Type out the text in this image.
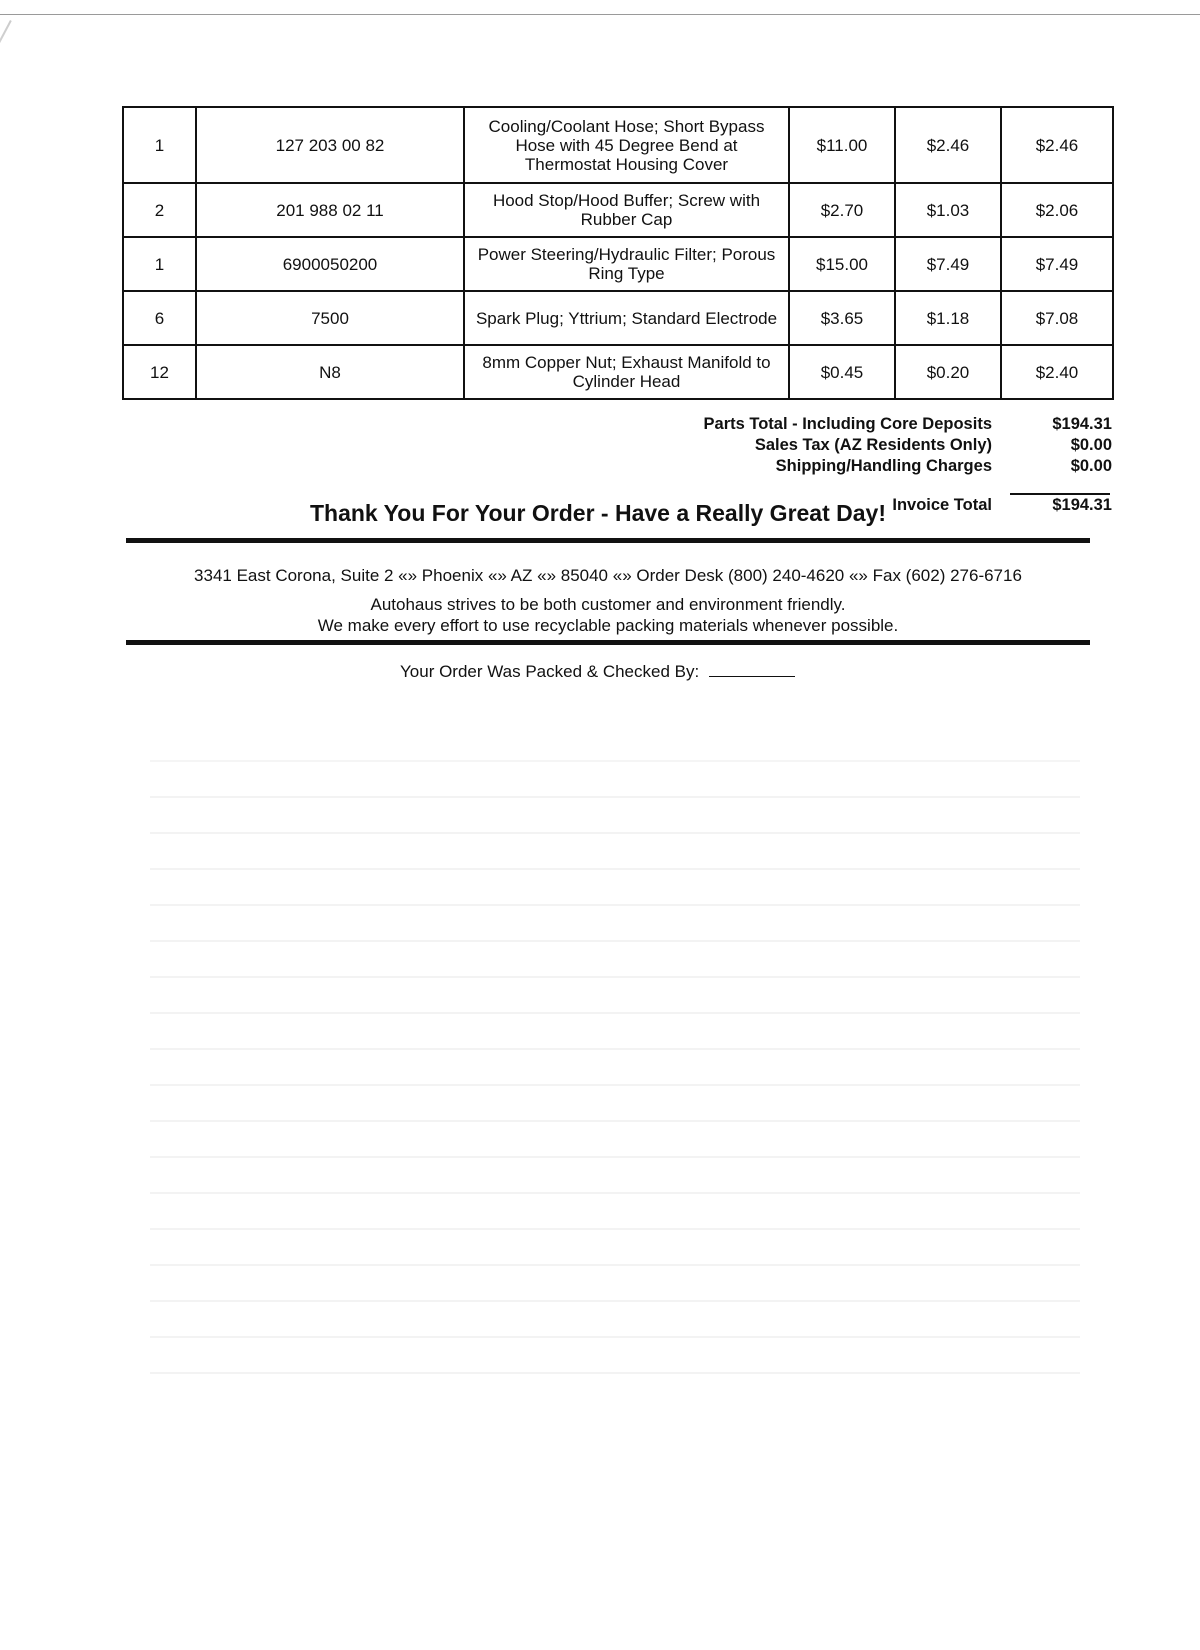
1	127 203 00 82	Cooling/Coolant Hose; Short Bypass Hose with 45 Degree Bend at Thermostat Housing Cover	$11.00	$2.46	$2.46
2	201 988 02 11	Hood Stop/Hood Buffer; Screw with Rubber Cap	$2.70	$1.03	$2.06
1	6900050200	Power Steering/Hydraulic Filter; Porous Ring Type	$15.00	$7.49	$7.49
6	7500	Spark Plug; Yttrium; Standard Electrode	$3.65	$1.18	$7.08
12	N8	8mm Copper Nut; Exhaust Manifold to Cylinder Head	$0.45	$0.20	$2.40
Parts Total - Including Core Deposits	$194.31
Sales Tax (AZ Residents Only)	$0.00
Shipping/Handling Charges	$0.00
Invoice Total	$194.31
Thank You For Your Order - Have a Really Great Day!
3341 East Corona, Suite 2 «» Phoenix «» AZ «» 85040 «» Order Desk (800) 240-4620 «» Fax (602) 276-6716
Autohaus strives to be both customer and environment friendly.
We make every effort to use recyclable packing materials whenever possible.
Your Order Was Packed & Checked By:
